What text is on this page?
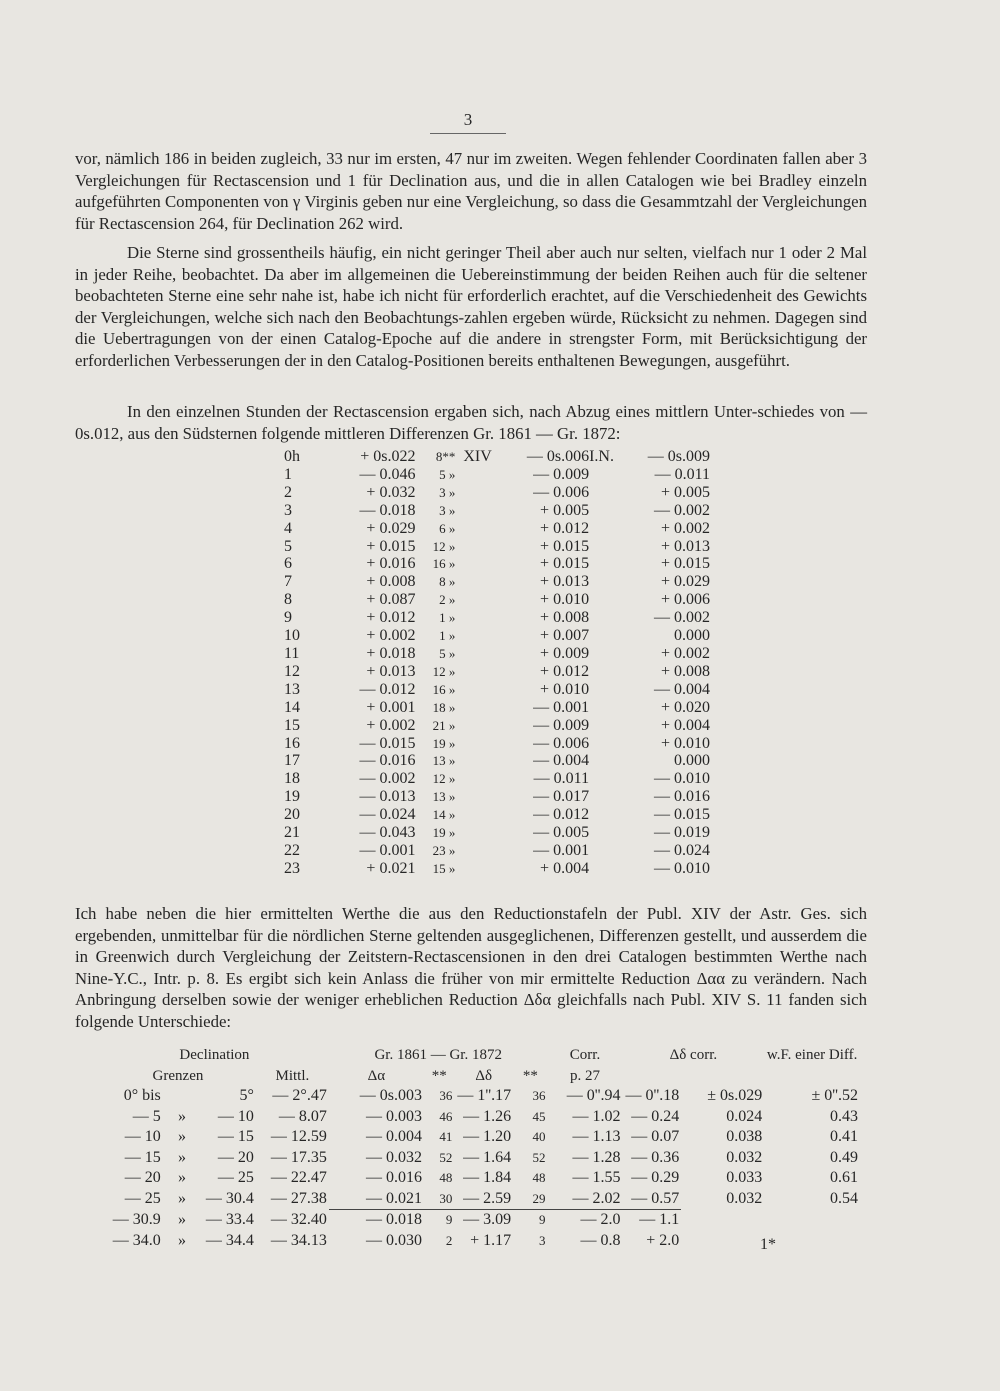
3
vor, nämlich 186 in beiden zugleich, 33 nur im ersten, 47 nur im zweiten. Wegen fehlender Coordinaten fallen aber 3 Vergleichungen für Rectascension und 1 für Declination aus, und die in allen Catalogen wie bei Bradley einzeln aufgeführten Componenten von γ Virginis geben nur eine Vergleichung, so dass die Gesammtzahl der Vergleichungen für Rectascension 264, für Declination 262 wird.
Die Sterne sind grossentheils häufig, ein nicht geringer Theil aber auch nur selten, vielfach nur 1 oder 2 Mal in jeder Reihe, beobachtet. Da aber im allgemeinen die Uebereinstimmung der beiden Reihen auch für die seltener beobachteten Sterne eine sehr nahe ist, habe ich nicht für erforderlich erachtet, auf die Verschiedenheit des Gewichts der Vergleichungen, welche sich nach den Beobachtungs-zahlen ergeben würde, Rücksicht zu nehmen. Dagegen sind die Uebertragungen von der einen Catalog-Epoche auf die andere in strengster Form, mit Berücksichtigung der erforderlichen Verbesserungen der in den Catalog-Positionen bereits enthaltenen Bewegungen, ausgeführt.
In den einzelnen Stunden der Rectascension ergaben sich, nach Abzug eines mittlern Unter-schiedes von — 0s.012, aus den Südsternen folgende mittleren Differenzen Gr. 1861 — Gr. 1872:
0h	+ 0s.022	8**	XIV	— 0s.006	I.N.	— 0s.009
1	— 0.046	5 »		— 0.009		— 0.011
2	+ 0.032	3 »		— 0.006		+ 0.005
3	— 0.018	3 »		+ 0.005		— 0.002
4	+ 0.029	6 »		+ 0.012		+ 0.002
5	+ 0.015	12 »		+ 0.015		+ 0.013
6	+ 0.016	16 »		+ 0.015		+ 0.015
7	+ 0.008	8 »		+ 0.013		+ 0.029
8	+ 0.087	2 »		+ 0.010		+ 0.006
9	+ 0.012	1 »		+ 0.008		— 0.002
10	+ 0.002	1 »		+ 0.007		0.000
11	+ 0.018	5 »		+ 0.009		+ 0.002
12	+ 0.013	12 »		+ 0.012		+ 0.008
13	— 0.012	16 »		+ 0.010		— 0.004
14	+ 0.001	18 »		— 0.001		+ 0.020
15	+ 0.002	21 »		— 0.009		+ 0.004
16	— 0.015	19 »		— 0.006		+ 0.010
17	— 0.016	13 »		— 0.004		0.000
18	— 0.002	12 »		— 0.011		— 0.010
19	— 0.013	13 »		— 0.017		— 0.016
20	— 0.024	14 »		— 0.012		— 0.015
21	— 0.043	19 »		— 0.005		— 0.019
22	— 0.001	23 »		— 0.001		— 0.024
23	+ 0.021	15 »		+ 0.004		— 0.010
Ich habe neben die hier ermittelten Werthe die aus den Reductionstafeln der Publ. XIV der Astr. Ges. sich ergebenden, unmittelbar für die nördlichen Sterne geltenden ausgeglichenen, Differenzen gestellt, und ausserdem die in Greenwich durch Vergleichung der Zeitstern-Rectascensionen in den drei Catalogen bestimmten Werthe nach Nine-Y.C., Intr. p. 8. Es ergibt sich kein Anlass die früher von mir ermittelte Reduction Δαα zu verändern. Nach Anbringung derselben sowie der weniger erheblichen Reduction Δδα gleichfalls nach Publ. XIV S. 11 fanden sich folgende Unterschiede:
Declination				Gr. 1861 — Gr. 1872				Corr.	Δδ corr.		w.F. einer Diff.
Grenzen			Mittl.	Δα	**	Δδ	**	p. 27			
0° bis		5°	— 2°.47	— 0s.003	36	— 1''.17	36	— 0''.94	— 0''.18	± 0s.029	± 0''.52
— 5	»	— 10	— 8.07	— 0.003	46	— 1.26	45	— 1.02	— 0.24	0.024	0.43
— 10	»	— 15	— 12.59	— 0.004	41	— 1.20	40	— 1.13	— 0.07	0.038	0.41
— 15	»	— 20	— 17.35	— 0.032	52	— 1.64	52	— 1.28	— 0.36	0.032	0.49
— 20	»	— 25	— 22.47	— 0.016	48	— 1.84	48	— 1.55	— 0.29	0.033	0.61
— 25	»	— 30.4	— 27.38	— 0.021	30	— 2.59	29	— 2.02	— 0.57	0.032	0.54
— 30.9	»	— 33.4	— 32.40	— 0.018	9	— 3.09	9	— 2.0	— 1.1		
— 34.0	»	— 34.4	— 34.13	— 0.030	2	+ 1.17	3	— 0.8	+ 2.0			1*
